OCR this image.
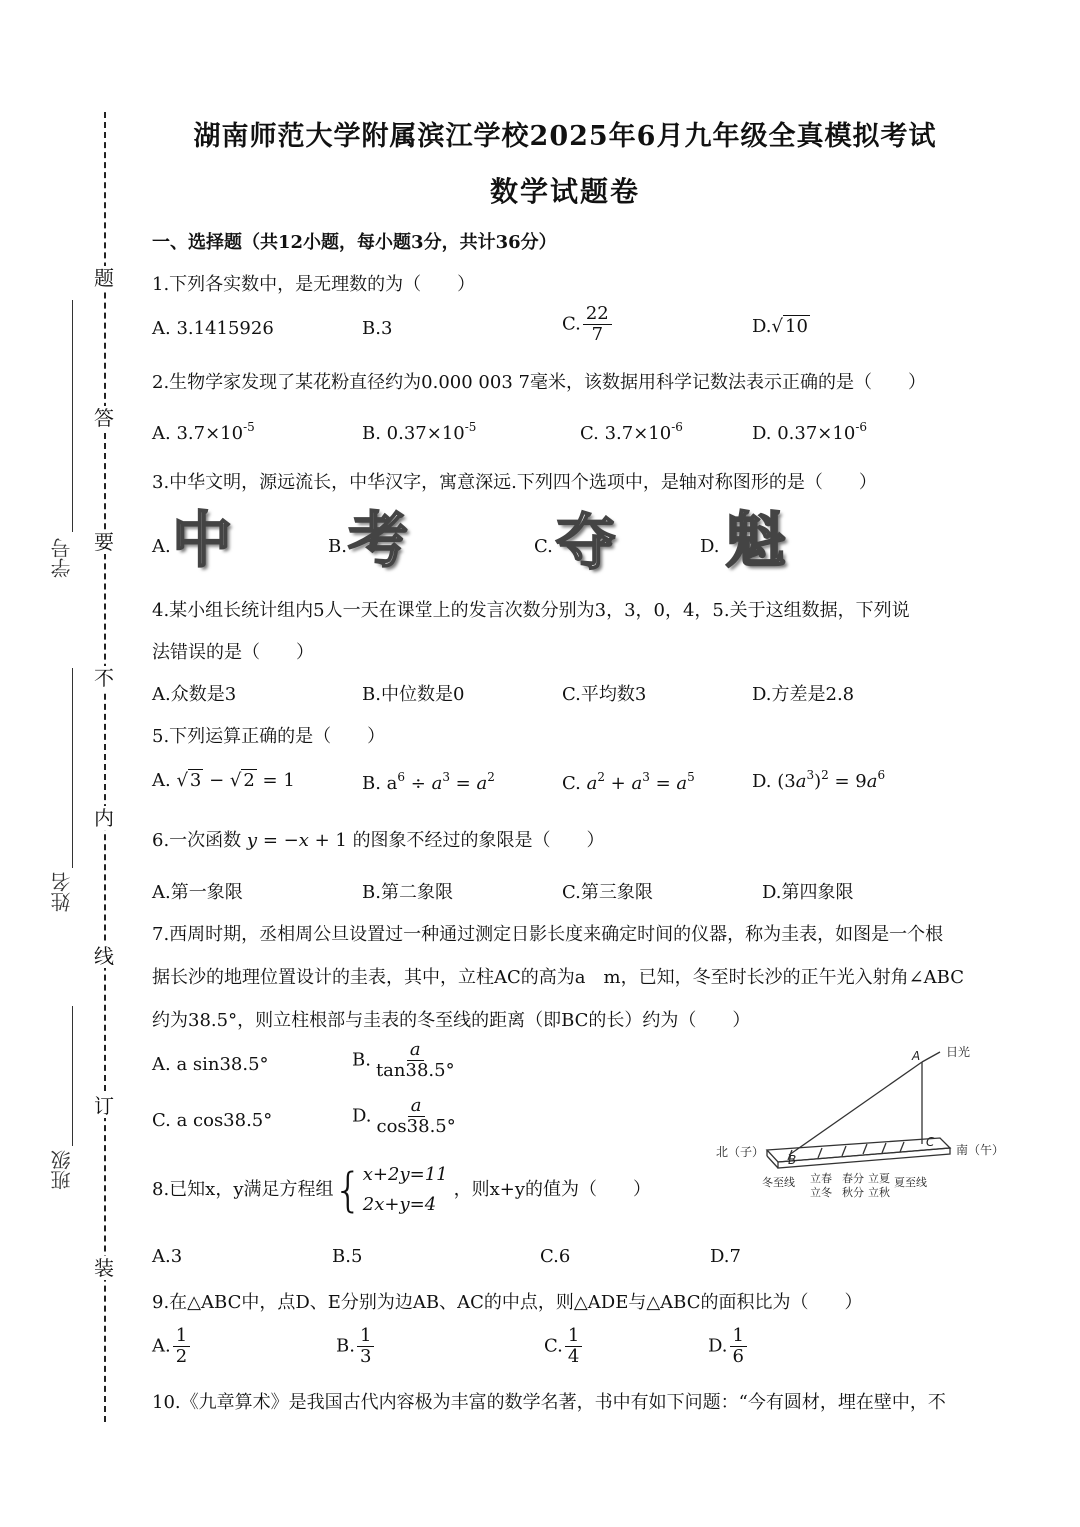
题
答
要
不
内
线
订
装
学号
姓名
班级
湖南师范大学附属滨江学校2025年6月九年级全真模拟考试
数学试题卷
一、选择题（共12小题，每小题3分，共计36分）
1.下列各实数中，是无理数的为（　　）
A. 3.1415926	B.3	C. $\frac{22}{7}$	D.√ 10
2.生物学家发现了某花粉直径约为0.000 003 7毫米，该数据用科学记数法表示正确的是（　　）
A. $3.7\times 10^{-5}$	B. $0.37\times 10^{-5}$	C. $3.7\times 10^{-6}$	D. $0.37\times 10^{-6}$
3.中华文明，源远流长，中华汉字，寓意深远.下列四个选项中，是轴对称图形的是（　　）
A. 中	B. 考	C. 夺	D. 魁
4.某小组长统计组内5人一天在课堂上的发言次数分别为3，3，0，4，5.关于这组数据，下列说
法错误的是（　　）
A.众数是3	B.中位数是0	C.平均数3	D.方差是2.8
5.下列运算正确的是（　　）
A. √ 3 − √ 2 = 1	B. $a^6 \div a^3 = a^2$	C. $a^2 + a^3 = a^5$	D. $(3a^3)^2 = 9a^6$
6.一次函数 y = −x + 1 的图象不经过的象限是（　　）
A.第一象限	B.第二象限	C.第三象限	D.第四象限
7.西周时期，丞相周公旦设置过一种通过测定日影长度来确定时间的仪器，称为圭表，如图是一个根
据长沙的地理位置设计的圭表，其中，立柱AC的高为a　m，已知，冬至时长沙的正午光入射角∠ABC
约为38.5°，则立柱根部与圭表的冬至线的距离（即BC的长）约为（　　）
A. a sin38.5°	B. $\frac{a}{\tan 38.5^\circ}$
C. a cos38.5°	D. $\frac{a}{\cos 38.5^\circ}$
A 日光
B
C
北（子）	南（午）
冬至线 立春
立冬
春分
秋分
立夏
立秋
夏至线
8.已知x，y满足方程组{ x+2y=11
2x+y=4
，则x+y的值为（　　）
A.3	B.5	C.6	D.7
9.在△ABC中，点D、E分别为边AB、AC的中点，则△ADE与△ABC的面积比为（　　）
A. $\frac{1}{2}$	B. $\frac{1}{3}$	C. $\frac{1}{4}$	D. $\frac{1}{6}$
10.《九章算术》是我国古代内容极为丰富的数学名著，书中有如下问题：“今有圆材，埋在壁中，不
